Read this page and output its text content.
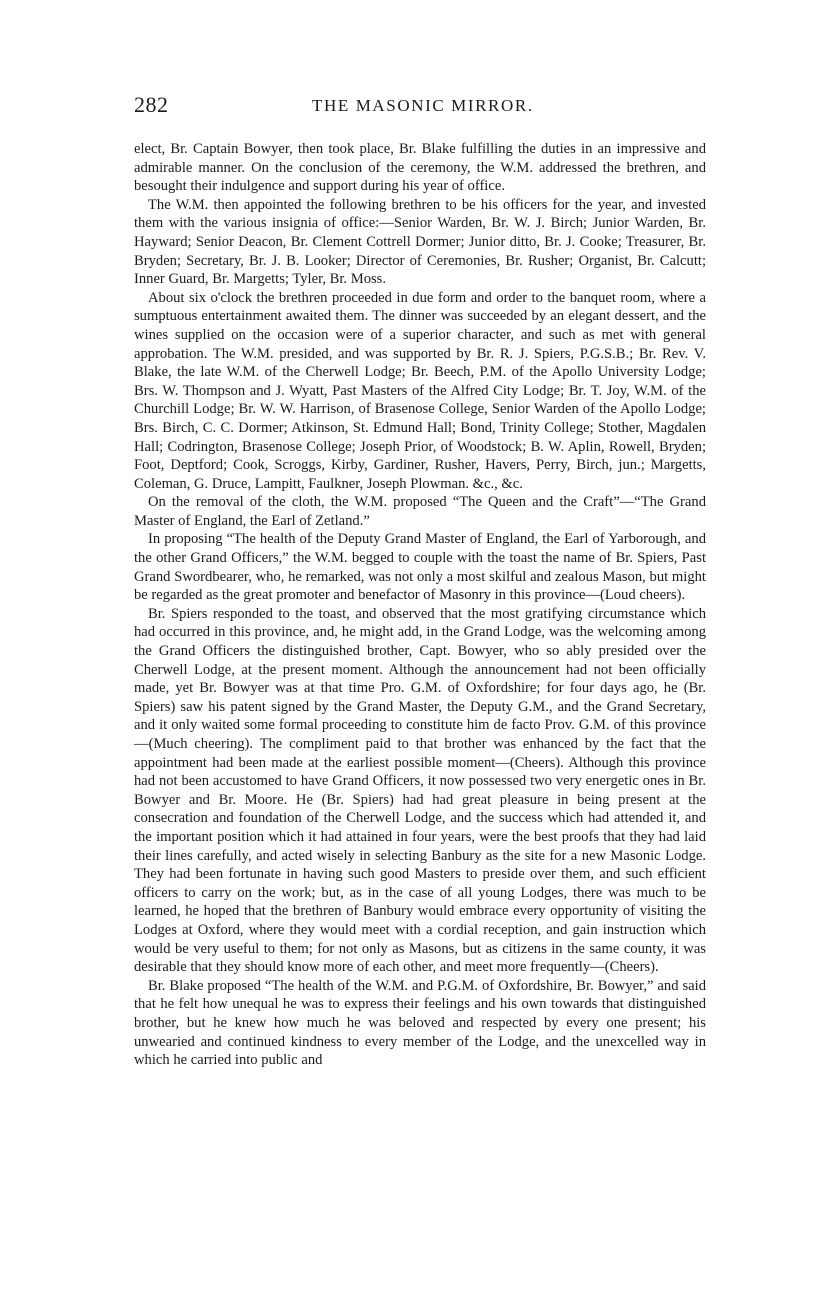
282	THE MASONIC MIRROR.

elect, Br. Captain Bowyer, then took place, Br. Blake fulfilling the duties in an impressive and admirable manner. On the conclusion of the ceremony, the W.M. addressed the brethren, and besought their indulgence and support during his year of office.

The W.M. then appointed the following brethren to be his officers for the year, and invested them with the various insignia of office:—Senior Warden, Br. W. J. Birch; Junior Warden, Br. Hayward; Senior Deacon, Br. Clement Cottrell Dormer; Junior ditto, Br. J. Cooke; Treasurer, Br. Bryden; Secretary, Br. J. B. Looker; Director of Ceremonies, Br. Rusher; Organist, Br. Calcutt; Inner Guard, Br. Margetts; Tyler, Br. Moss.

About six o'clock the brethren proceeded in due form and order to the banquet room, where a sumptuous entertainment awaited them. The dinner was succeeded by an elegant dessert, and the wines supplied on the occasion were of a superior character, and such as met with general approbation. The W.M. presided, and was supported by Br. R. J. Spiers, P.G.S.B.; Br. Rev. V. Blake, the late W.M. of the Cherwell Lodge; Br. Beech, P.M. of the Apollo University Lodge; Brs. W. Thompson and J. Wyatt, Past Masters of the Alfred City Lodge; Br. T. Joy, W.M. of the Churchill Lodge; Br. W. W. Harrison, of Brasenose College, Senior Warden of the Apollo Lodge; Brs. Birch, C. C. Dormer; Atkinson, St. Edmund Hall; Bond, Trinity College; Stother, Magdalen Hall; Codrington, Brasenose College; Joseph Prior, of Woodstock; B. W. Aplin, Rowell, Bryden; Foot, Deptford; Cook, Scroggs, Kirby, Gardiner, Rusher, Havers, Perry, Birch, jun.; Margetts, Coleman, G. Druce, Lampitt, Faulkner, Joseph Plowman. &c., &c.

On the removal of the cloth, the W.M. proposed “The Queen and the Craft”—“The Grand Master of England, the Earl of Zetland.”

In proposing “The health of the Deputy Grand Master of England, the Earl of Yarborough, and the other Grand Officers,” the W.M. begged to couple with the toast the name of Br. Spiers, Past Grand Swordbearer, who, he remarked, was not only a most skilful and zealous Mason, but might be regarded as the great promoter and benefactor of Masonry in this province—(Loud cheers).

Br. Spiers responded to the toast, and observed that the most gratifying circumstance which had occurred in this province, and, he might add, in the Grand Lodge, was the welcoming among the Grand Officers the distinguished brother, Capt. Bowyer, who so ably presided over the Cherwell Lodge, at the present moment. Although the announcement had not been officially made, yet Br. Bowyer was at that time Pro. G.M. of Oxfordshire; for four days ago, he (Br. Spiers) saw his patent signed by the Grand Master, the Deputy G.M., and the Grand Secretary, and it only waited some formal proceeding to constitute him de facto Prov. G.M. of this province—(Much cheering). The compliment paid to that brother was enhanced by the fact that the appointment had been made at the earliest possible moment—(Cheers). Although this province had not been accustomed to have Grand Officers, it now possessed two very energetic ones in Br. Bowyer and Br. Moore. He (Br. Spiers) had had great pleasure in being present at the consecration and foundation of the Cherwell Lodge, and the success which had attended it, and the important position which it had attained in four years, were the best proofs that they had laid their lines carefully, and acted wisely in selecting Banbury as the site for a new Masonic Lodge. They had been fortunate in having such good Masters to preside over them, and such efficient officers to carry on the work; but, as in the case of all young Lodges, there was much to be learned, he hoped that the brethren of Banbury would embrace every opportunity of visiting the Lodges at Oxford, where they would meet with a cordial reception, and gain instruction which would be very useful to them; for not only as Masons, but as citizens in the same county, it was desirable that they should know more of each other, and meet more frequently—(Cheers).

Br. Blake proposed “The health of the W.M. and P.G.M. of Oxfordshire, Br. Bowyer,” and said that he felt how unequal he was to express their feelings and his own towards that distinguished brother, but he knew how much he was beloved and respected by every one present; his unwearied and continued kindness to every member of the Lodge, and the unexcelled way in which he carried into public and
